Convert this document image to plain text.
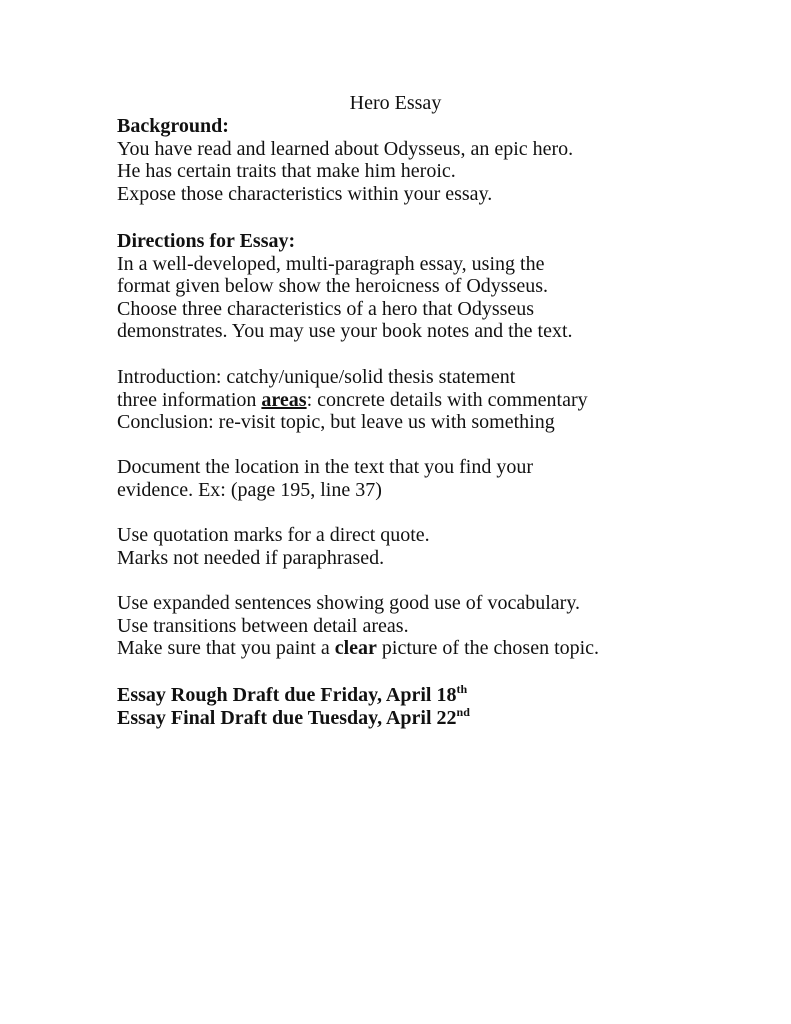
Hero Essay
Background:
You have read and learned about Odysseus, an epic hero.
He has certain traits that make him heroic.
Expose those characteristics within your essay.
Directions for Essay:
In a well-developed, multi-paragraph essay, using the
format given below show the heroicness of Odysseus.
Choose three characteristics of a hero that Odysseus
demonstrates. You may use your book notes and the text.
Introduction: catchy/unique/solid thesis statement
three information areas: concrete details with commentary
Conclusion: re-visit topic, but leave us with something
Document the location in the text that you find your
evidence. Ex: (page 195, line 37)
Use quotation marks for a direct quote.
Marks not needed if paraphrased.
Use expanded sentences showing good use of vocabulary.
Use transitions between detail areas.
Make sure that you paint a clear picture of the chosen topic.
Essay Rough Draft due Friday, April 18th
Essay Final Draft due Tuesday, April 22nd
